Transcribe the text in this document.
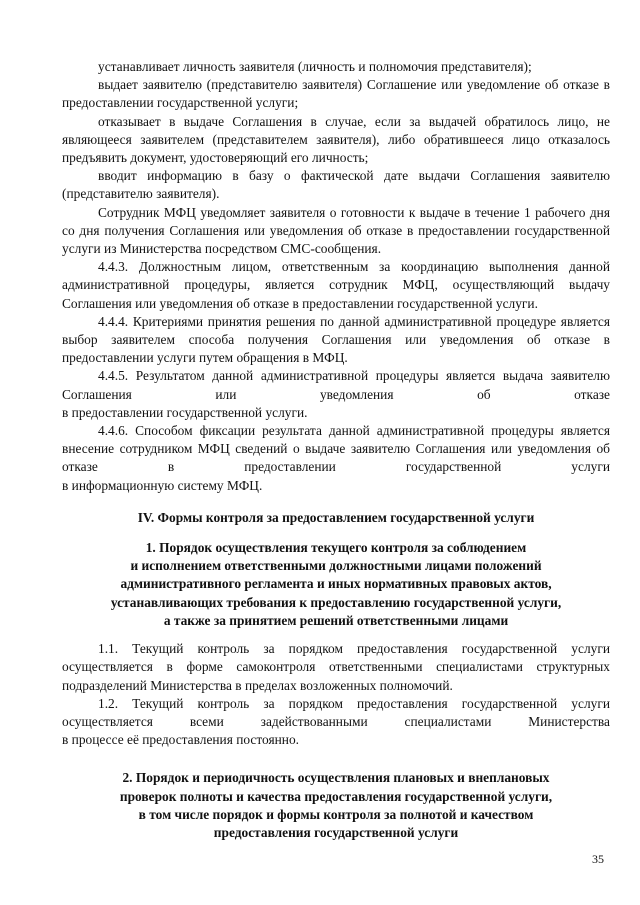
устанавливает личность заявителя (личность и полномочия представителя);

выдает заявителю (представителю заявителя) Соглашение или уведомление об отказе в предоставлении государственной услуги;

отказывает в выдаче Соглашения в случае, если за выдачей обратилось лицо, не являющееся заявителем (представителем заявителя), либо обратившееся лицо отказалось предъявить документ, удостоверяющий его личность;

вводит информацию в базу о фактической дате выдачи Соглашения заявителю (представителю заявителя).

Сотрудник МФЦ уведомляет заявителя о готовности к выдаче в течение 1 рабочего дня со дня получения Соглашения или уведомления об отказе в предоставлении государственной услуги из Министерства посредством СМС-сообщения.

4.4.3. Должностным лицом, ответственным за координацию выполнения данной административной процедуры, является сотрудник МФЦ, осуществляющий выдачу Соглашения или уведомления об отказе в предоставлении государственной услуги.

4.4.4. Критериями принятия решения по данной административной процедуре является выбор заявителем способа получения Соглашения или уведомления об отказе в предоставлении услуги путем обращения в МФЦ.

4.4.5. Результатом данной административной процедуры является выдача заявителю Соглашения или уведомления об отказе

в предоставлении государственной услуги.

4.4.6. Способом фиксации результата данной административной процедуры является внесение сотрудником МФЦ сведений о выдаче заявителю Соглашения или уведомления об отказе в предоставлении государственной услуги

в информационную систему МФЦ.

IV. Формы контроля за предоставлением государственной услуги

1. Порядок осуществления текущего контроля за соблюдением
и исполнением ответственными должностными лицами положений
административного регламента и иных нормативных правовых актов,
устанавливающих требования к предоставлению государственной услуги,
а также за принятием решений ответственными лицами

1.1. Текущий контроль за порядком предоставления государственной услуги осуществляется в форме самоконтроля ответственными специалистами структурных подразделений Министерства в пределах возложенных полномочий.

1.2. Текущий контроль за порядком предоставления государственной услуги осуществляется всеми задействованными специалистами Министерства

в процессе её предоставления постоянно.

2. Порядок и периодичность осуществления плановых и внеплановых
проверок полноты и качества предоставления государственной услуги,
в том числе порядок и формы контроля за полнотой и качеством
предоставления государственной услуги
35
